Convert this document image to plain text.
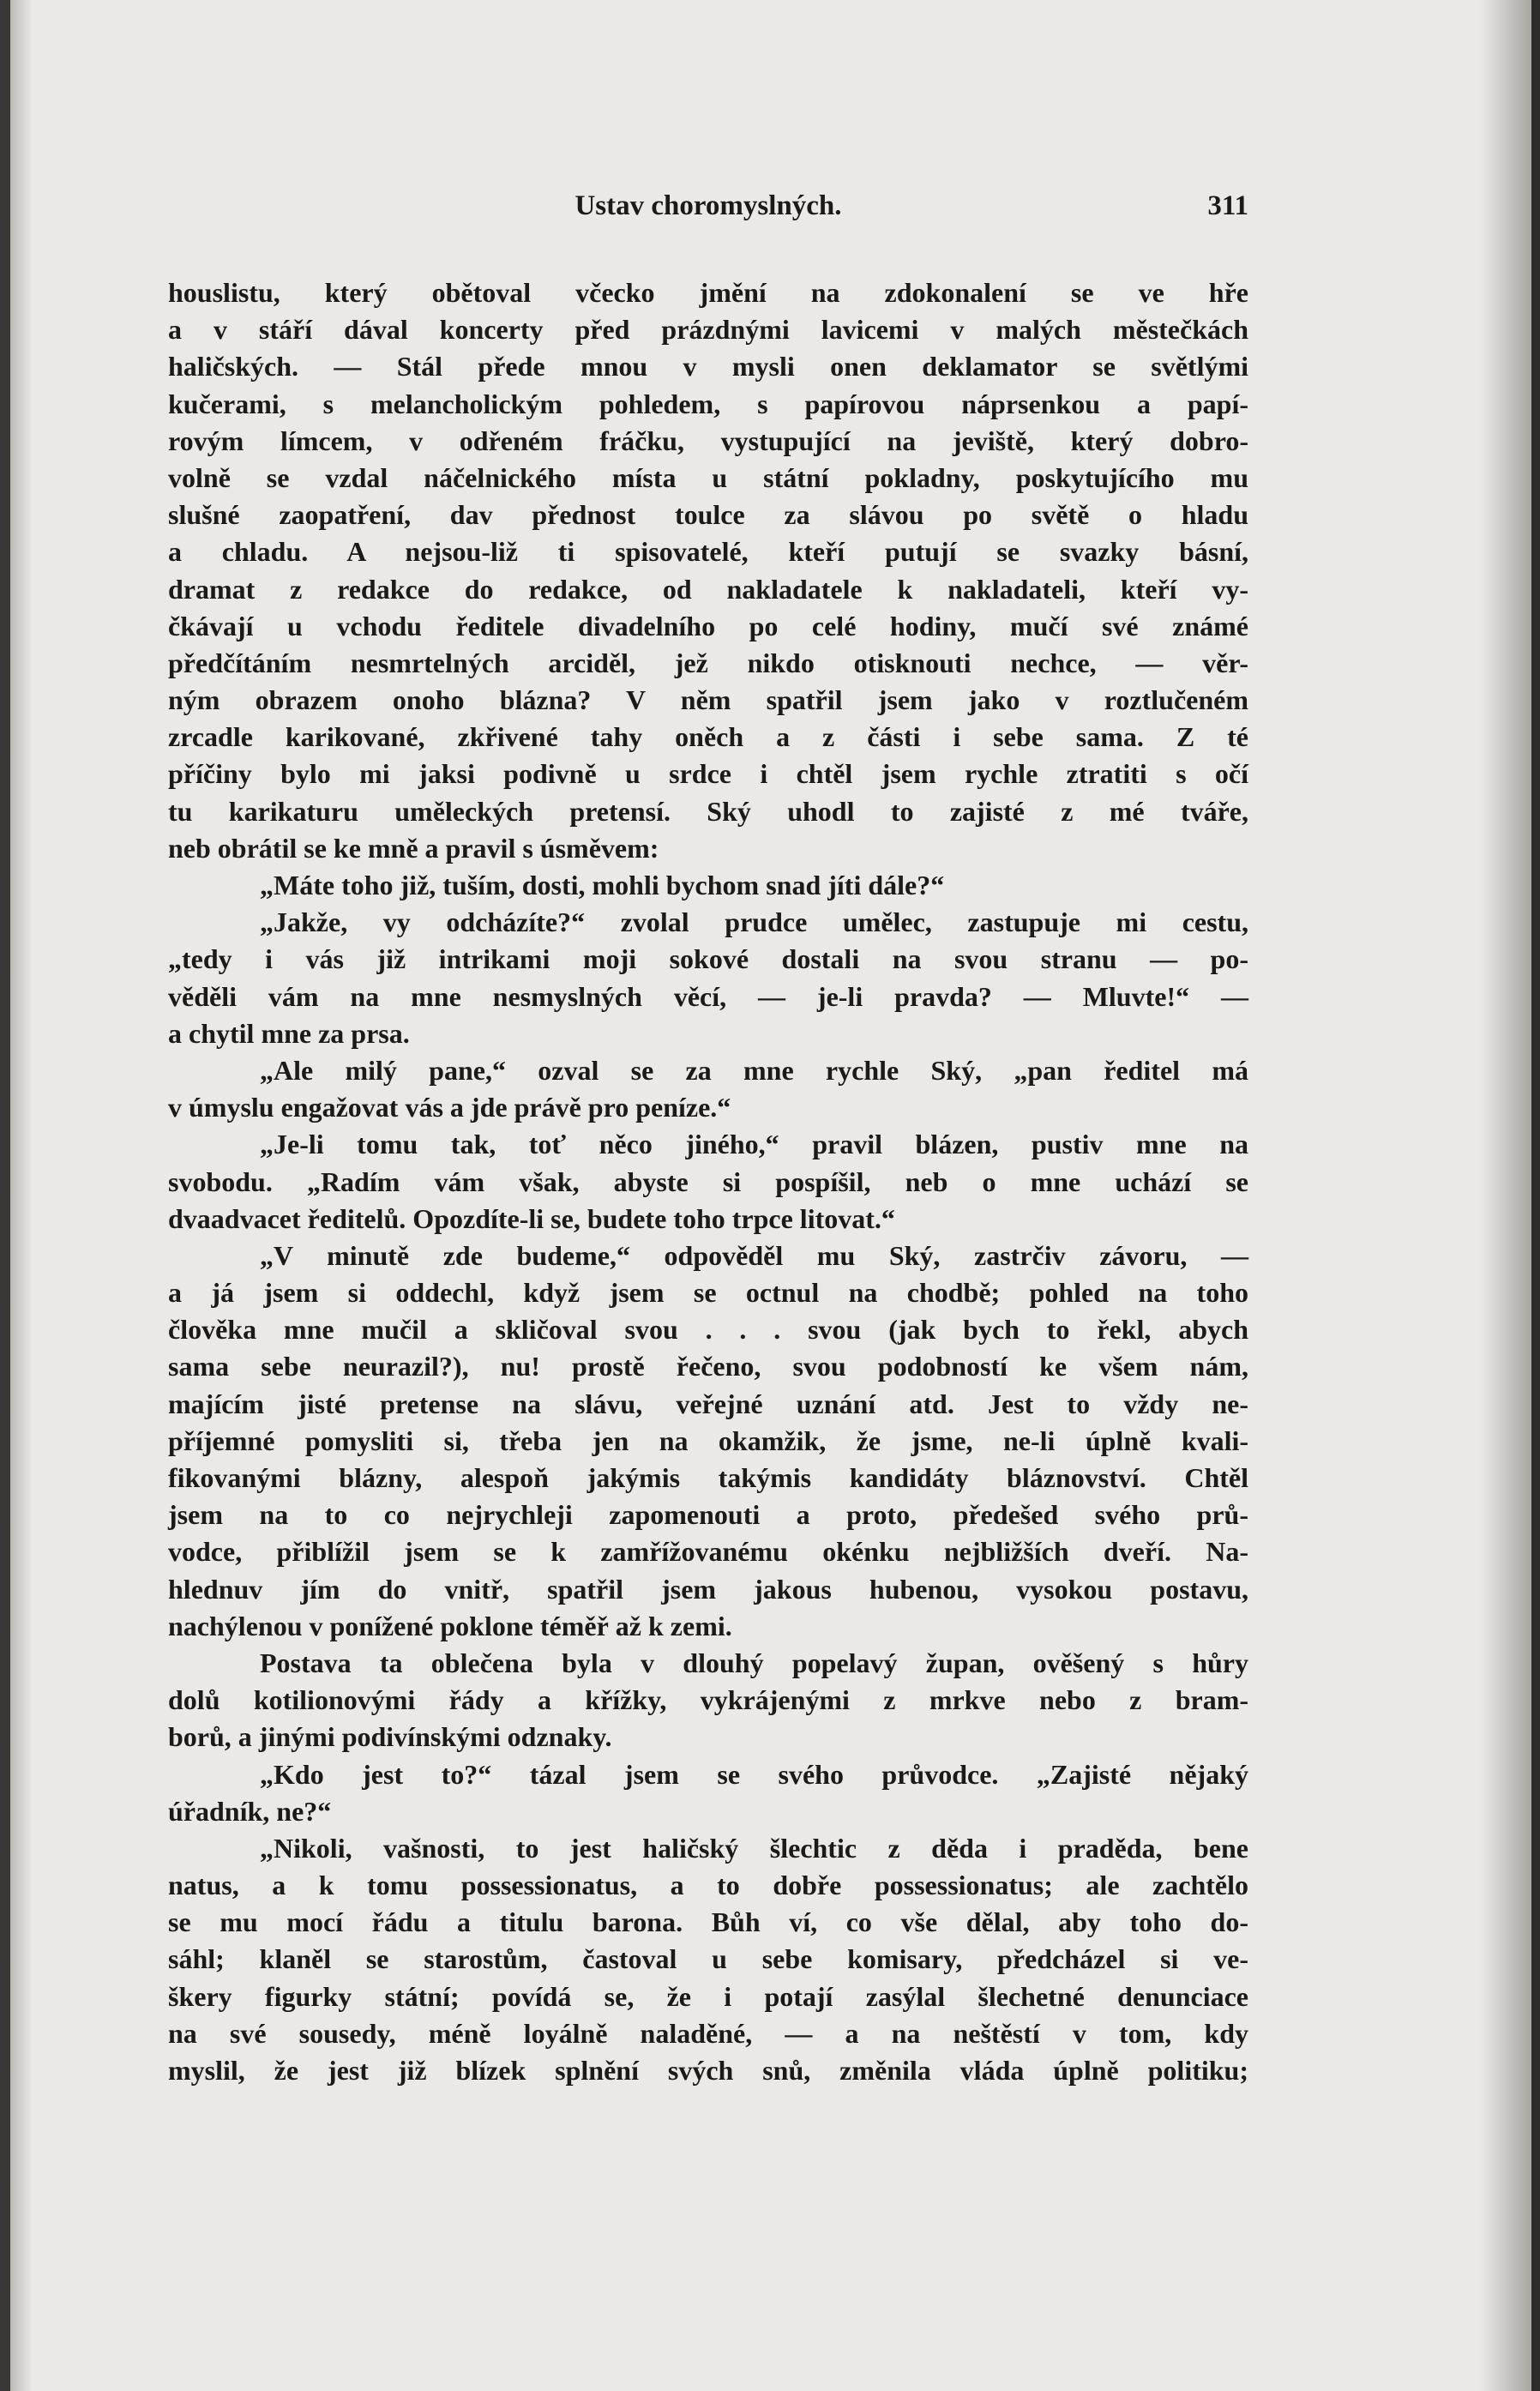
Ustav choromyslných.	311
houslistu, který obětoval včecko jmění na zdokonalení se ve hře
a v stáří dával koncerty před prázdnými lavicemi v malých městečkách
haličských. — Stál přede mnou v mysli onen deklamator se světlými
kučerami, s melancholickým pohledem, s papírovou náprsenkou a papí-
rovým límcem, v odřeném fráčku, vystupující na jeviště, který dobro-
volně se vzdal náčelnického místa u státní pokladny, poskytujícího mu
slušné zaopatření, dav přednost toulce za slávou po světě o hladu
a chladu. A nejsou-liž ti spisovatelé, kteří putují se svazky básní,
dramat z redakce do redakce, od nakladatele k nakladateli, kteří vy-
čkávají u vchodu ředitele divadelního po celé hodiny, mučí své známé
předčítáním nesmrtelných arciděl, jež nikdo otisknouti nechce, — věr-
ným obrazem onoho blázna? V něm spatřil jsem jako v roztlučeném
zrcadle karikované, zkřivené tahy oněch a z části i sebe sama. Z té
příčiny bylo mi jaksi podivně u srdce i chtěl jsem rychle ztratiti s očí
tu karikaturu uměleckých pretensí. Ský uhodl to zajisté z mé tváře,
neb obrátil se ke mně a pravil s úsměvem:
„Máte toho již, tuším, dosti, mohli bychom snad jíti dále?“
„Jakže, vy odcházíte?“ zvolal prudce umělec, zastupuje mi cestu,
„tedy i vás již intrikami moji sokové dostali na svou stranu — po-
věděli vám na mne nesmyslných věcí, — je-li pravda? — Mluvte!“ —
a chytil mne za prsa.
„Ale milý pane,“ ozval se za mne rychle Ský, „pan ředitel má
v úmyslu engažovat vás a jde právě pro peníze.“
„Je-li tomu tak, toť něco jiného,“ pravil blázen, pustiv mne na
svobodu. „Radím vám však, abyste si pospíšil, neb o mne uchází se
dvaadvacet ředitelů. Opozdíte-li se, budete toho trpce litovat.“
„V minutě zde budeme,“ odpověděl mu Ský, zastrčiv závoru, —
a já jsem si oddechl, když jsem se octnul na chodbě; pohled na toho
člověka mne mučil a skličoval svou . . . svou (jak bych to řekl, abych
sama sebe neurazil?), nu! prostě řečeno, svou podobností ke všem nám,
majícím jisté pretense na slávu, veřejné uznání atd. Jest to vždy ne-
příjemné pomysliti si, třeba jen na okamžik, že jsme, ne-li úplně kvali-
fikovanými blázny, alespoň jakýmis takýmis kandidáty bláznovství. Chtěl
jsem na to co nejrychleji zapomenouti a proto, předešed svého prů-
vodce, přiblížil jsem se k zamřížovanému okénku nejbližších dveří. Na-
hlednuv jím do vnitř, spatřil jsem jakous hubenou, vysokou postavu,
nachýlenou v ponížené poklone téměř až k zemi.
Postava ta oblečena byla v dlouhý popelavý župan, ověšený s hůry
dolů kotilionovými řády a křížky, vykrájenými z mrkve nebo z bram-
borů, a jinými podivínskými odznaky.
„Kdo jest to?“ tázal jsem se svého průvodce. „Zajisté nějaký
úřadník, ne?“
„Nikoli, vašnosti, to jest haličský šlechtic z děda i praděda, bene
natus, a k tomu possessionatus, a to dobře possessionatus; ale zachtělo
se mu mocí řádu a titulu barona. Bůh ví, co vše dělal, aby toho do-
sáhl; klaněl se starostům, častoval u sebe komisary, předcházel si ve-
škery figurky státní; povídá se, že i potají zasýlal šlechetné denunciace
na své sousedy, méně loyálně naladěné, — a na neštěstí v tom, kdy
myslil, že jest již blízek splnění svých snů, změnila vláda úplně politiku;
